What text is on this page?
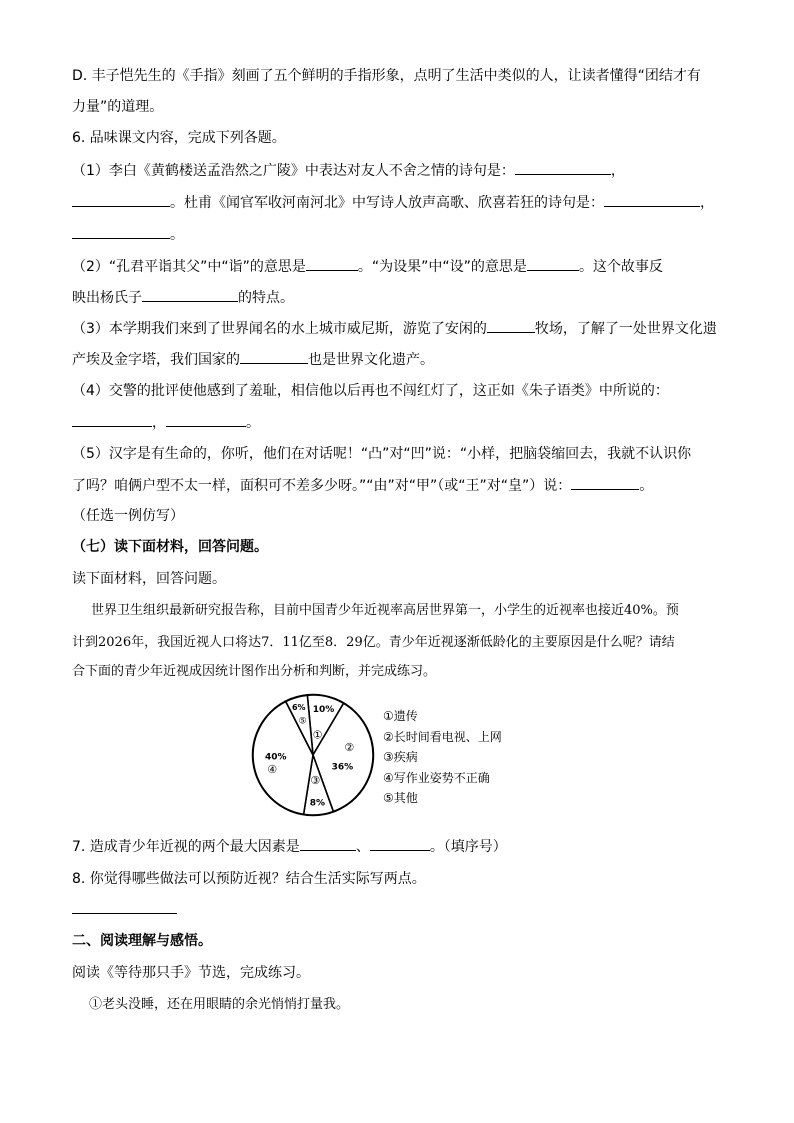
D. 丰子恺先生的《手指》刻画了五个鲜明的手指形象，点明了生活中类似的人，让读者懂得“团结才有
力量”的道理。
6. 品味课文内容，完成下列各题。
（1）李白《黄鹤楼送孟浩然之广陵》中表达对友人不舍之情的诗句是：	，
。杜甫《闻官军收河南河北》中写诗人放声高歌、欣喜若狂的诗句是：	，
。
（2）“孔君平诣其父”中“诣”的意思是	。“为设果”中“设”的意思是	。这个故事反
映出杨氏子	的特点。
（3）本学期我们来到了世界闻名的水上城市威尼斯，游览了安闲的	牧场，了解了一处世界文化遗
产埃及金字塔，我们国家的	也是世界文化遗产。
（4）交警的批评使他感到了羞耻，相信他以后再也不闯红灯了，这正如《朱子语类》中所说的：
，	。
（5）汉字是有生命的，你听，他们在对话呢！“凸”对“凹”说：“小样，把脑袋缩回去，我就不认识你
了吗？咱俩户型不太一样，面积可不差多少呀。”“由”对“甲”（或“王”对“皇”）说：	。
（任选一例仿写）
（七）读下面材料，回答问题。
读下面材料，回答问题。
世界卫生组织最新研究报告称，目前中国青少年近视率高居世界第一，小学生的近视率也接近40%。预
计到2026年，我国近视人口将达7．11亿至8．29亿。青少年近视逐渐低龄化的主要原因是什么呢？请结
合下面的青少年近视成因统计图作出分析和判断，并完成练习。
10%
①
36%
②
8%
③
40%
④
6%
⑤	①遗传
②长时间看电视、上网
③疾病
④写作业姿势不正确
⑤其他
7. 造成青少年近视的两个最大因素是	、	。（填序号）
8. 你觉得哪些做法可以预防近视？结合生活实际写两点。
二、阅读理解与感悟。
阅读《等待那只手》节选，完成练习。
①老头没睡，还在用眼睛的余光悄悄打量我。
